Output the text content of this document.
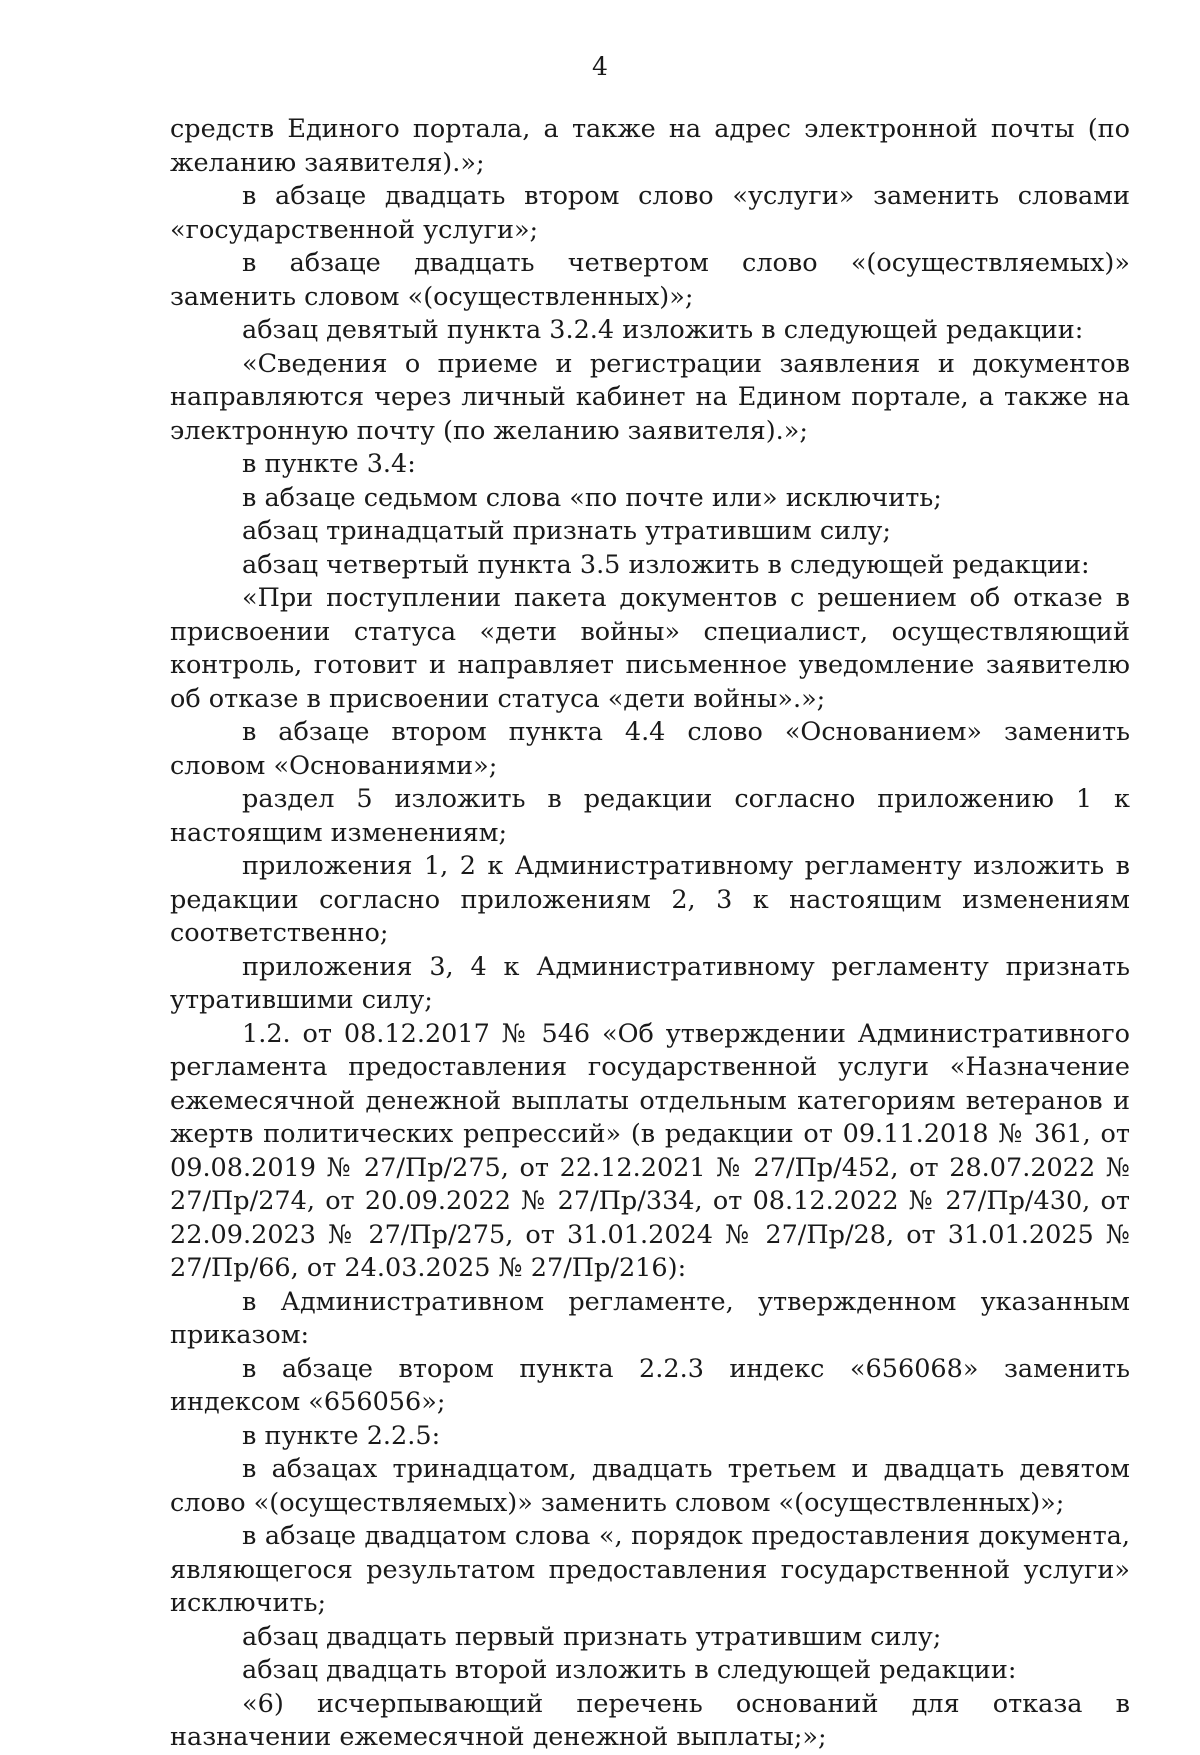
4

средств Единого портала, а также на адрес электронной почты (по желанию заявителя).»;

в абзаце двадцать втором слово «услуги» заменить словами «государственной услуги»;

в абзаце двадцать четвертом слово «(осуществляемых)» заменить словом «(осуществленных)»;

абзац девятый пункта 3.2.4 изложить в следующей редакции:

«Сведения о приеме и регистрации заявления и документов направляются через личный кабинет на Едином портале, а также на электронную почту (по желанию заявителя).»;

в пункте 3.4:

в абзаце седьмом слова «по почте или» исключить;

абзац тринадцатый признать утратившим силу;

абзац четвертый пункта 3.5 изложить в следующей редакции:

«При поступлении пакета документов с решением об отказе в присвоении статуса «дети войны» специалист, осуществляющий контроль, готовит и направляет письменное уведомление заявителю об отказе в присвоении статуса «дети войны».»;

в абзаце втором пункта 4.4 слово «Основанием» заменить словом «Основаниями»;

раздел 5 изложить в редакции согласно приложению 1 к настоящим изменениям;

приложения 1, 2 к Административному регламенту изложить в редакции согласно приложениям 2, 3 к настоящим изменениям соответственно;

приложения 3, 4 к Административному регламенту признать утратившими силу;

1.2. от 08.12.2017 № 546 «Об утверждении Административного регламента предоставления государственной услуги «Назначение ежемесячной денежной выплаты отдельным категориям ветеранов и жертв политических репрессий» (в редакции от 09.11.2018 № 361, от 09.08.2019 № 27/Пр/275, от 22.12.2021 № 27/Пр/452, от 28.07.2022 № 27/Пр/274, от 20.09.2022 № 27/Пр/334, от 08.12.2022 № 27/Пр/430, от 22.09.2023 № 27/Пр/275, от 31.01.2024 № 27/Пр/28, от 31.01.2025 № 27/Пр/66, от 24.03.2025 № 27/Пр/216):

в Административном регламенте, утвержденном указанным приказом:

в абзаце втором пункта 2.2.3 индекс «656068» заменить индексом «656056»;

в пункте 2.2.5:

в абзацах тринадцатом, двадцать третьем и двадцать девятом слово «(осуществляемых)» заменить словом «(осуществленных)»;

в абзаце двадцатом слова «, порядок предоставления документа, являющегося результатом предоставления государственной услуги» исключить;

абзац двадцать первый признать утратившим силу;

абзац двадцать второй изложить в следующей редакции:

«6) исчерпывающий перечень оснований для отказа в назначении ежемесячной денежной выплаты;»;
